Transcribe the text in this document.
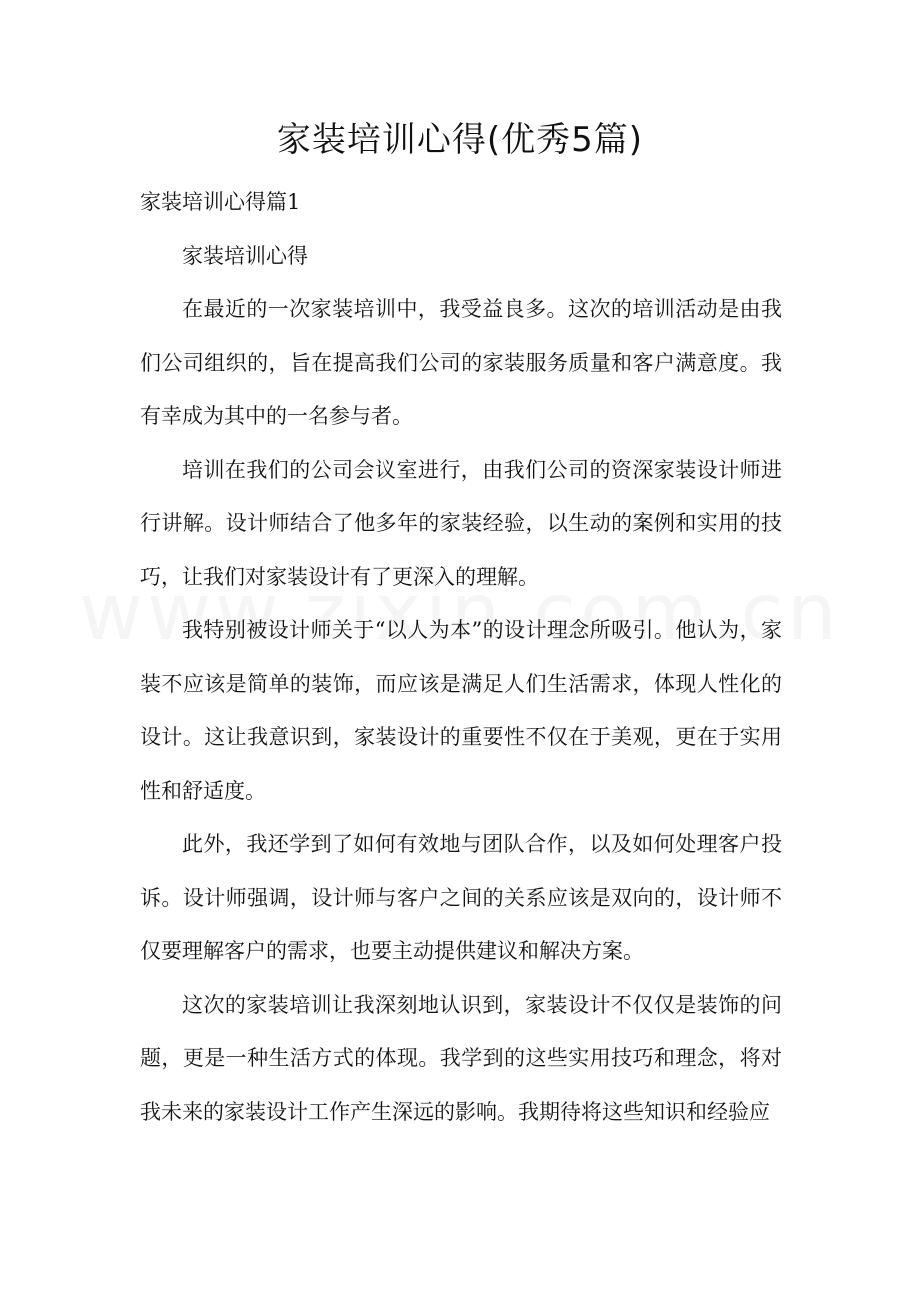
家装培训心得(优秀5篇)

家装培训心得篇1

家装培训心得

在最近的一次家装培训中，我受益良多。这次的培训活动是由我们公司组织的，旨在提高我们公司的家装服务质量和客户满意度。我有幸成为其中的一名参与者。

培训在我们的公司会议室进行，由我们公司的资深家装设计师进行讲解。设计师结合了他多年的家装经验，以生动的案例和实用的技巧，让我们对家装设计有了更深入的理解。

我特别被设计师关于“以人为本”的设计理念所吸引。他认为，家装不应该是简单的装饰，而应该是满足人们生活需求，体现人性化的设计。这让我意识到，家装设计的重要性不仅在于美观，更在于实用性和舒适度。

此外，我还学到了如何有效地与团队合作，以及如何处理客户投诉。设计师强调，设计师与客户之间的关系应该是双向的，设计师不仅要理解客户的需求，也要主动提供建议和解决方案。

这次的家装培训让我深刻地认识到，家装设计不仅仅是装饰的问题，更是一种生活方式的体现。我学到的这些实用技巧和理念，将对我未来的家装设计工作产生深远的影响。我期待将这些知识和经验应
